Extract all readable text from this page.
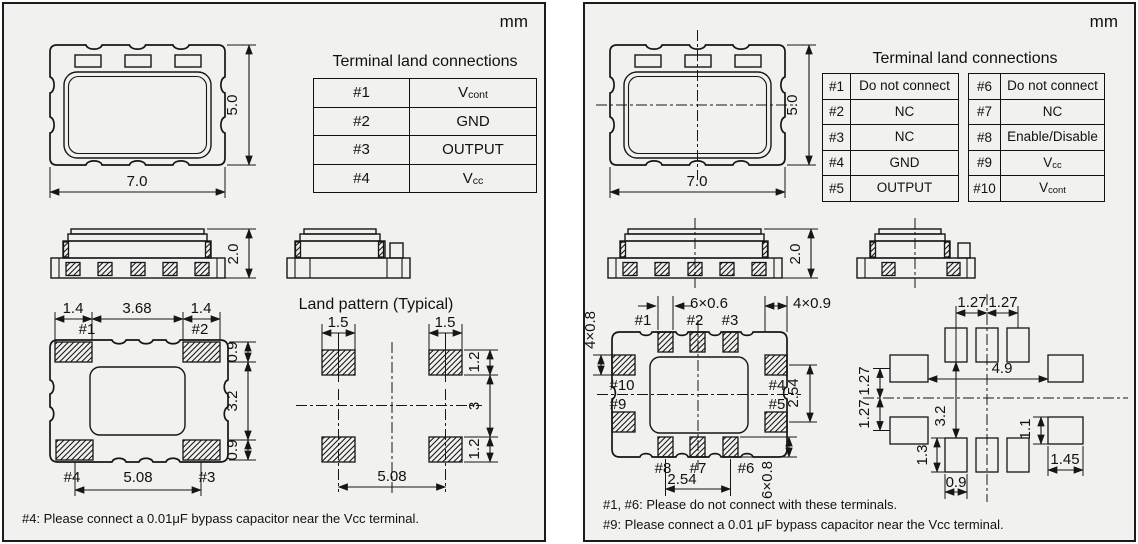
mm
5.0
7.0
Terminal land connections
#1	$V_{cont}$
#2	GND
#3	OUTPUT
#4	$V_{cc}$
2.0
1.4	3.68	1.4
#1	#2
0.9
3.2
0.9
#4	#3
5.08
Land pattern (Typical)
1.5	1.5
1.2
3
1.2
5.08
#4: Please connect a 0.01μF bypass capacitor near the Vcc terminal.
mm
5.0
7.0
Terminal land connections
#1	Do not connect
#2	NC
#3	NC
#4	GND
#5	OUTPUT
#6	Do not connect
#7	NC
#8	Enable/Disable
#9	$V_{cc}$
#10	$V_{cont}$
2.0
#1 #2 #3
#10	#4
#9	#5
#8 #7 #6
6×0.6	4×0.9
4×0.8
2.54
6×0.8
2.54
1.27 1.27
4.9
3.2
1.27
1.27
1.3
0.9
1.1
1.45
#1, #6: Please do not connect with these terminals.
#9: Please connect a 0.01 μF bypass capacitor near the Vcc terminal.
